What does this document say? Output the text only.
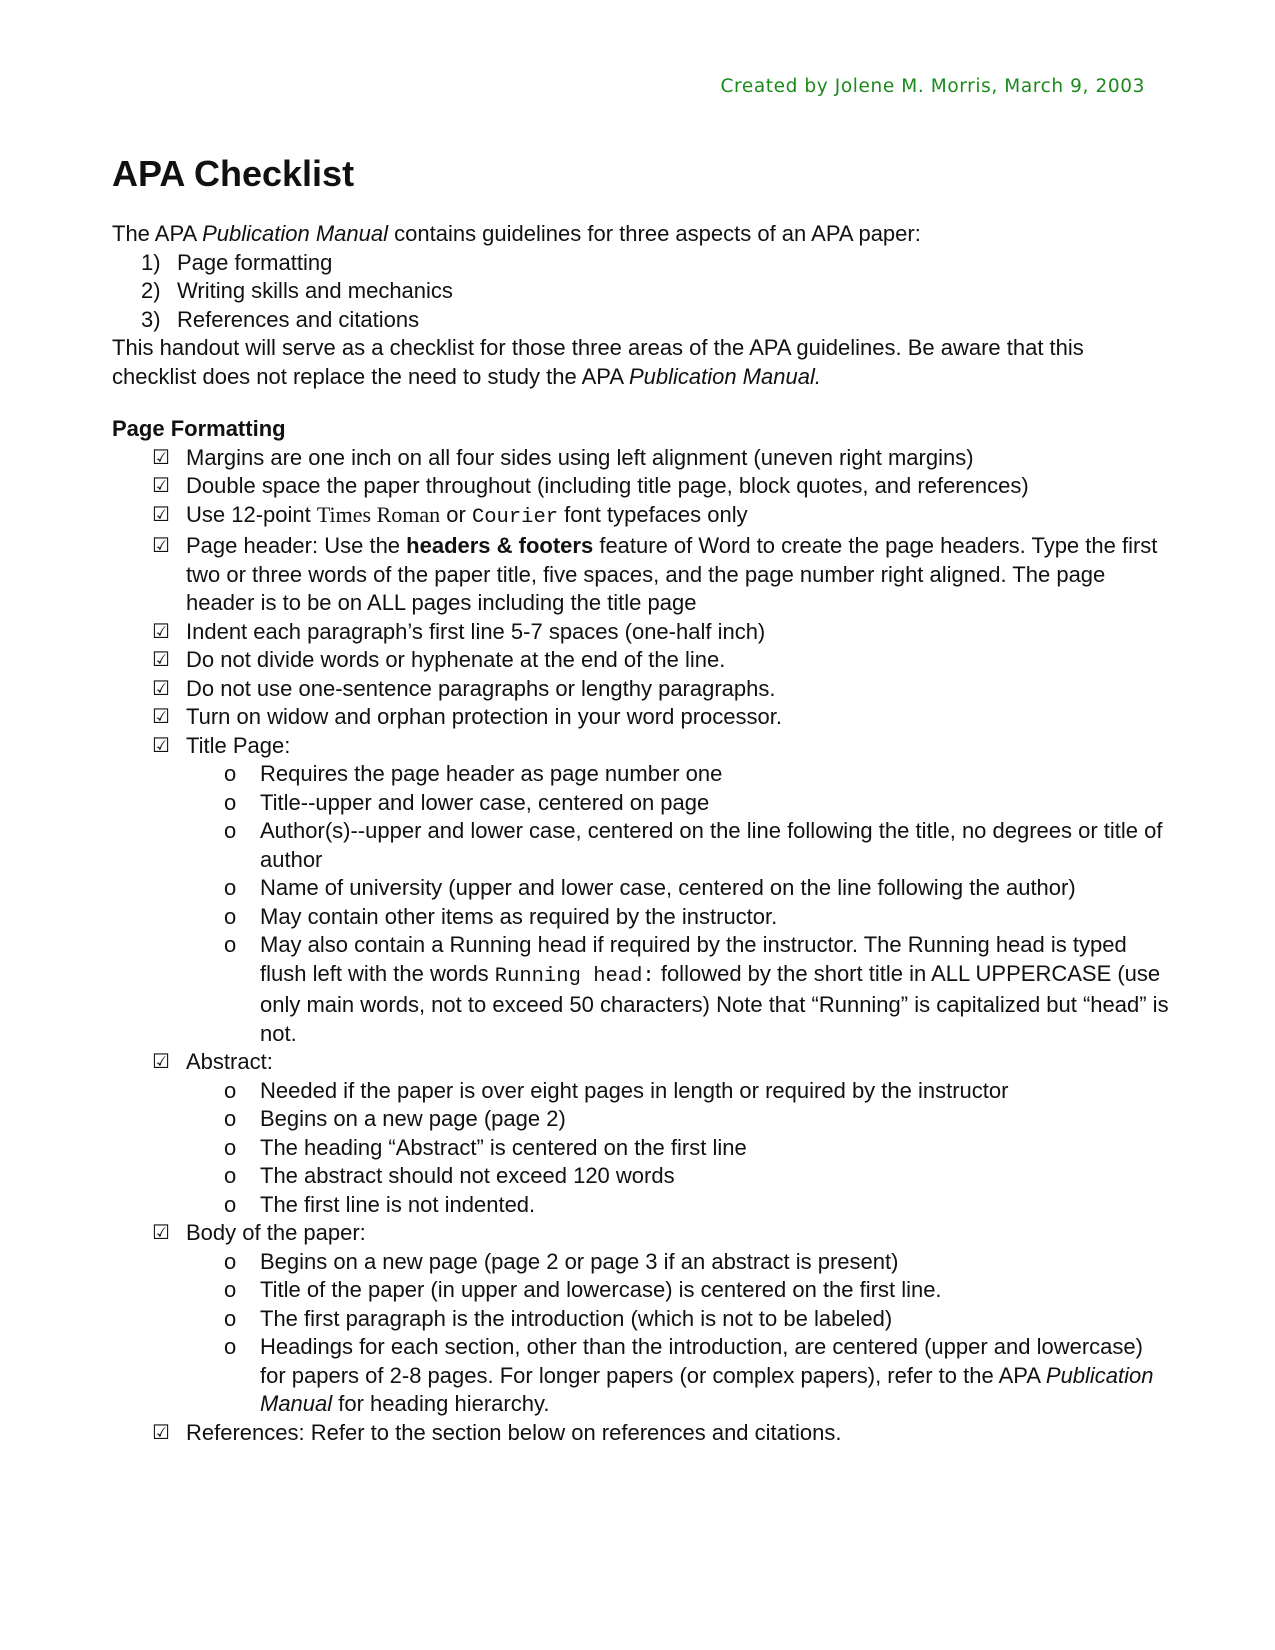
Created by Jolene M. Morris, March 9, 2003
APA Checklist
The APA Publication Manual contains guidelines for three aspects of an APA paper:
1) Page formatting
2) Writing skills and mechanics
3) References and citations
This handout will serve as a checklist for those three areas of the APA guidelines. Be aware that this checklist does not replace the need to study the APA Publication Manual.
Page Formatting
☑ Margins are one inch on all four sides using left alignment (uneven right margins)
☑ Double space the paper throughout (including title page, block quotes, and references)
☑ Use 12-point Times Roman or Courier font typefaces only
☑ Page header: Use the headers & footers feature of Word to create the page headers. Type the first two or three words of the paper title, five spaces, and the page number right aligned. The page header is to be on ALL pages including the title page
☑ Indent each paragraph’s first line 5-7 spaces (one-half inch)
☑ Do not divide words or hyphenate at the end of the line.
☑ Do not use one-sentence paragraphs or lengthy paragraphs.
☑ Turn on widow and orphan protection in your word processor.
☑ Title Page:
o Requires the page header as page number one
o Title--upper and lower case, centered on page
o Author(s)--upper and lower case, centered on the line following the title, no degrees or title of author
o Name of university (upper and lower case, centered on the line following the author)
o May contain other items as required by the instructor.
o May also contain a Running head if required by the instructor. The Running head is typed flush left with the words Running head: followed by the short title in ALL UPPERCASE (use only main words, not to exceed 50 characters) Note that “Running” is capitalized but “head” is not.
☑ Abstract:
o Needed if the paper is over eight pages in length or required by the instructor
o Begins on a new page (page 2)
o The heading “Abstract” is centered on the first line
o The abstract should not exceed 120 words
o The first line is not indented.
☑ Body of the paper:
o Begins on a new page (page 2 or page 3 if an abstract is present)
o Title of the paper (in upper and lowercase) is centered on the first line.
o The first paragraph is the introduction (which is not to be labeled)
o Headings for each section, other than the introduction, are centered (upper and lowercase) for papers of 2-8 pages. For longer papers (or complex papers), refer to the APA Publication Manual for heading hierarchy.
☑ References: Refer to the section below on references and citations.
